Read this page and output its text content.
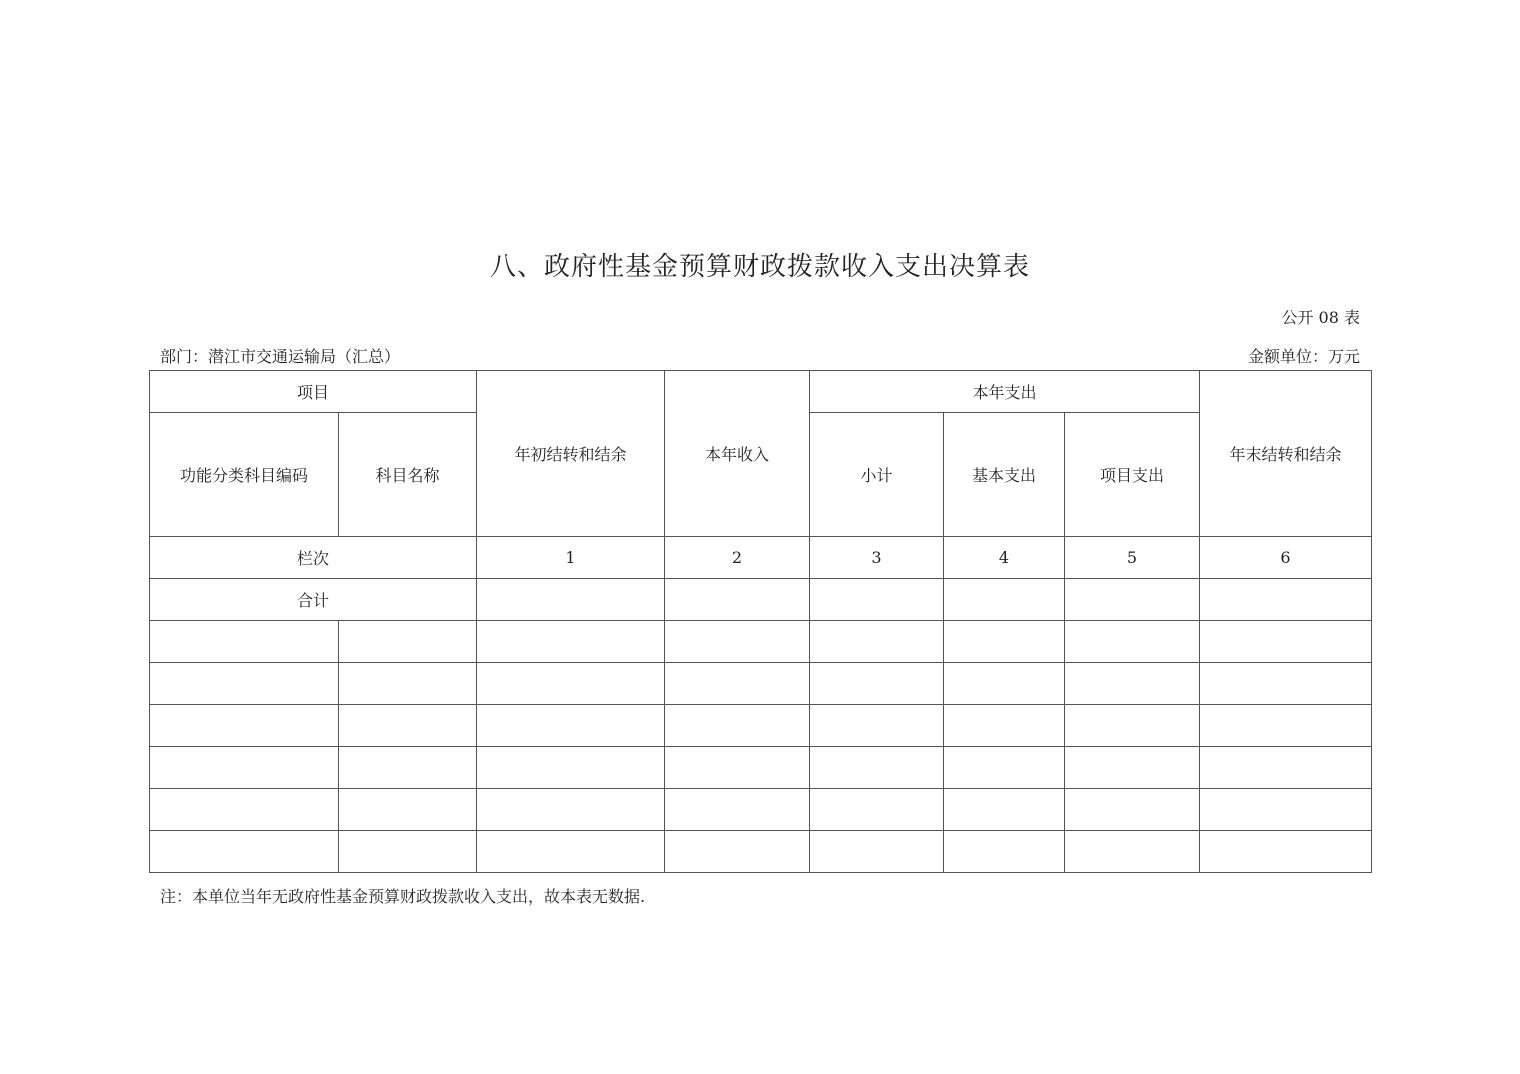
八、政府性基金预算财政拨款收入支出决算表
公开 08 表
部门：潜江市交通运输局（汇总）	金额单位：万元
项目		年初结转和结余	本年收入	本年支出			年末结转和结余
功能分类科目编码	科目名称			小计	基本支出	项目支出	
栏次		1	2	3	4	5	6
合计							

注：本单位当年无政府性基金预算财政拨款收入支出，故本表无数据.
